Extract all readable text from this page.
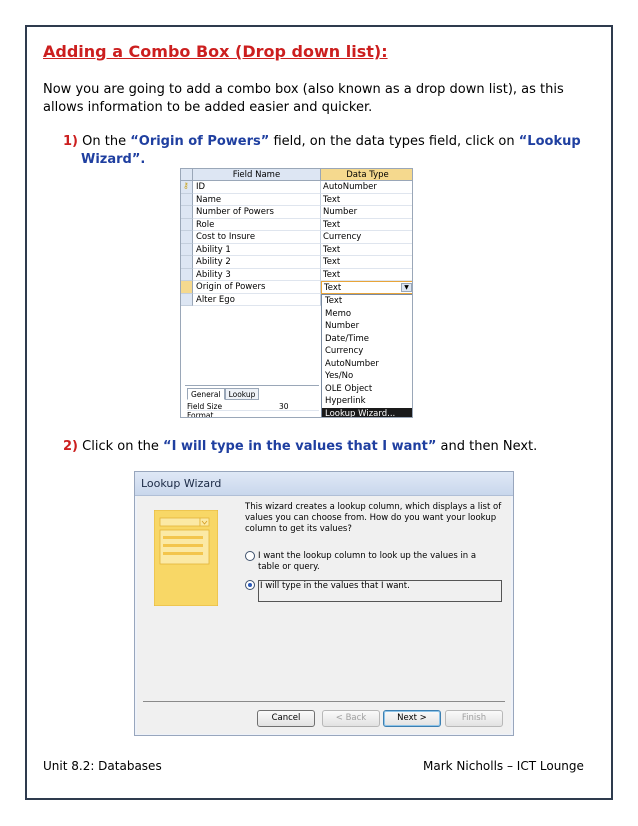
Adding a Combo Box (Drop down list):
Now you are going to add a combo box (also known as a drop down list), as this allows information to be added easier and quicker.
1) On the “Origin of Powers” field, on the data types field, click on “Lookup
Wizard”.
Field Name	Data Type
⚷ ID	AutoNumber
Name	Text
Number of Powers	Number
Role	Text
Cost to Insure	Currency
Ability 1	Text
Ability 2	Text
Ability 3	Text
Origin of Powers	Text	▼
Alter Ego	Text
Memo
Number
Date/Time
Currency
AutoNumber
Yes/No
OLE Object
Hyperlink
Lookup Wizard...
General Lookup
Field Size	30
Format
2) Click on the “I will type in the values that I want” and then Next.
Lookup Wizard
This wizard creates a lookup column, which displays a list of values you can choose from. How do you want your lookup column to get its values?
I want the lookup column to look up the values in a table or query.
I will type in the values that I want.
Cancel	< Back	Next >	Finish
Unit 8.2: Databases	Mark Nicholls – ICT Lounge
